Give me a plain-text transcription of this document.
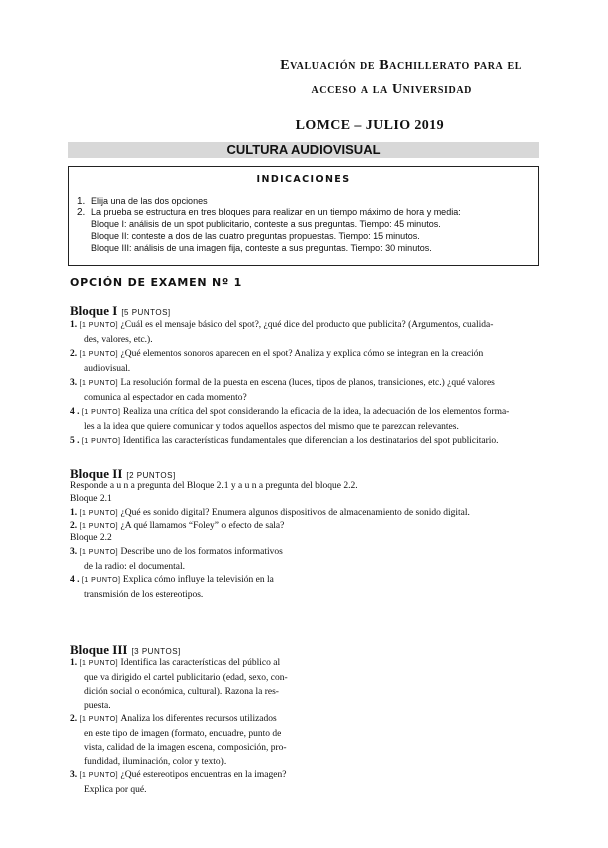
Evaluación de Bachillerato para el
acceso a la Universidad
LOMCE – JULIO 2019
CULTURA AUDIOVISUAL
INDICACIONES
1. Elija una de las dos opciones
2. La prueba se estructura en tres bloques para realizar en un tiempo máximo de hora y media:
Bloque I: análisis de un spot publicitario, conteste a sus preguntas. Tiempo: 45 minutos.
Bloque II: conteste a dos de las cuatro preguntas propuestas. Tiempo: 15 minutos.
Bloque III: análisis de una imagen fija, conteste a sus preguntas. Tiempo: 30 minutos.
OPCIÓN DE EXAMEN Nº 1
Bloque I [5 PUNTOS]
1. [1 PUNTO] ¿Cuál es el mensaje básico del spot?, ¿qué dice del producto que publicita? (Argumentos, cualida-
des, valores, etc.).
2. [1 PUNTO] ¿Qué elementos sonoros aparecen en el spot? Analiza y explica cómo se integran en la creación
audiovisual.
3. [1 PUNTO] La resolución formal de la puesta en escena (luces, tipos de planos, transiciones, etc.) ¿qué valores
comunica al espectador en cada momento?
4 . [1 PUNTO] Realiza una crítica del spot considerando la eficacia de la idea, la adecuación de los elementos forma-
les a la idea que quiere comunicar y todos aquellos aspectos del mismo que te parezcan relevantes.
5 . [1 PUNTO] Identifica las características fundamentales que diferencian a los destinatarios del spot publicitario.
Bloque II [2 PUNTOS]
Responde a u n a pregunta del Bloque 2.1 y a u n a pregunta del bloque 2.2.
Bloque 2.1
1. [1 PUNTO] ¿Qué es sonido digital? Enumera algunos dispositivos de almacenamiento de sonido digital.
2. [1 PUNTO] ¿A qué llamamos “Foley” o efecto de sala?
Bloque 2.2
3. [1 PUNTO] Describe uno de los formatos informativos
de la radio: el documental.
4 . [1 PUNTO] Explica cómo influye la televisión en la
transmisión de los estereotipos.
Bloque III [3 PUNTOS]
1. [1 PUNTO] Identifica las características del público al
que va dirigido el cartel publicitario (edad, sexo, con-
dición social o económica, cultural). Razona la res-
puesta.
2. [1 PUNTO] Analiza los diferentes recursos utilizados
en este tipo de imagen (formato, encuadre, punto de
vista, calidad de la imagen escena, composición, pro-
fundidad, iluminación, color y texto).
3. [1 PUNTO] ¿Qué estereotipos encuentras en la imagen?
Explica por qué.
